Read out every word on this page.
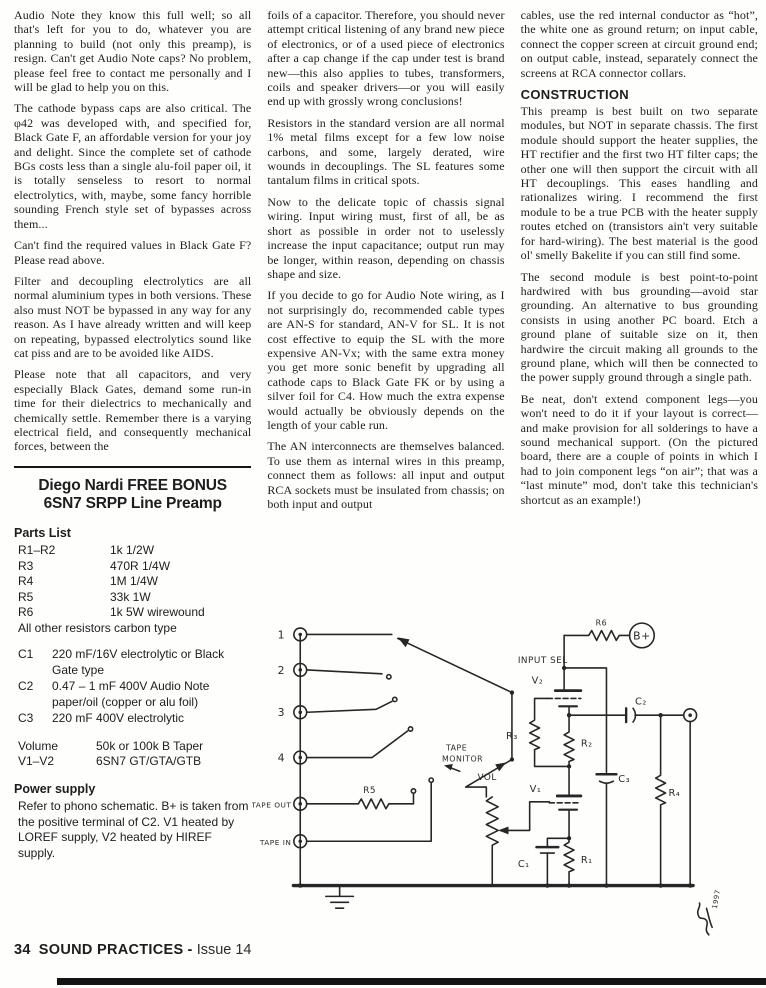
Audio Note they know this full well; so all that's left for you to do, whatever you are planning to build (not only this preamp), is resign. Can't get Audio Note caps? No problem, please feel free to contact me personally and I will be glad to help you on this.

The cathode bypass caps are also critical. The φ42 was developed with, and specified for, Black Gate F, an affordable version for your joy and delight. Since the complete set of cathode BGs costs less than a single alu-foil paper oil, it is totally senseless to resort to normal electrolytics, with, maybe, some fancy horrible sounding French style set of bypasses across them...

Can't find the required values in Black Gate F? Please read above.

Filter and decoupling electrolytics are all normal aluminium types in both versions. These also must NOT be bypassed in any way for any reason. As I have already written and will keep on repeating, bypassed electrolytics sound like cat piss and are to be avoided like AIDS.

Please note that all capacitors, and very especially Black Gates, demand some run-in time for their dielectrics to mechanically and chemically settle. Remember there is a varying electrical field, and consequently mechanical forces, between the

Diego Nardi FREE BONUS
6SN7 SRPP Line Preamp
Parts List
R1–R2	1k 1/2W
R3	470R 1/4W
R4	1M 1/4W
R5	33k 1W
R6	1k 5W wirewound
All other resistors carbon type
C1	220 mF/16V electrolytic or Black Gate type
C2	0.47 – 1 mF 400V Audio Note paper/oil (copper or alu foil)
C3	220 mF 400V electrolytic
Volume	50k or 100k B Taper
V1–V2	6SN7 GT/GTA/GTB
Power supply
Refer to phono schematic. B+ is taken from the positive terminal of C2. V1 heated by LOREF supply, V2 heated by HIREF supply.

foils of a capacitor. Therefore, you should never attempt critical listening of any brand new piece of electronics, or of a used piece of electronics after a cap change if the cap under test is brand new—this also applies to tubes, transformers, coils and speaker drivers—or you will easily end up with grossly wrong conclusions!

Resistors in the standard version are all normal 1% metal films except for a few low noise carbons, and some, largely derated, wire wounds in decouplings. The SL features some tantalum films in critical spots.

Now to the delicate topic of chassis signal wiring. Input wiring must, first of all, be as short as possible in order not to uselessly increase the input capacitance; output run may be longer, within reason, depending on chassis shape and size.

If you decide to go for Audio Note wiring, as I not surprisingly do, recommended cable types are AN-S for standard, AN-V for SL. It is not cost effective to equip the SL with the more expensive AN-Vx; with the same extra money you get more sonic benefit by upgrading all cathode caps to Black Gate FK or by using a silver foil for C4. How much the extra expense would actually be obviously depends on the length of your cable run.

The AN interconnects are themselves balanced. To use them as internal wires in this preamp, connect them as follows: all input and output RCA sockets must be insulated from chassis; on both input and output

cables, use the red internal conductor as “hot”, the white one as ground return; on input cable, connect the copper screen at circuit ground end; on output cable, instead, separately connect the screens at RCA connector collars.

CONSTRUCTION

This preamp is best built on two separate modules, but NOT in separate chassis. The first module should support the heater supplies, the HT rectifier and the first two HT filter caps; the other one will then support the circuit with all HT decouplings. This eases handling and rationalizes wiring. I recommend the first module to be a true PCB with the heater supply routes etched on (transistors ain't very suitable for hard-wiring). The best material is the good ol' smelly Bakelite if you can still find some.

The second module is best point-to-point hardwired with bus grounding—avoid star grounding. An alternative to bus grounding consists in using another PC board. Etch a ground plane of suitable size on it, then hardwire the circuit making all grounds to the ground plane, which will then be connected to the power supply ground through a single path.

Be neat, don't extend component legs—you won't need to do it if your layout is correct—and make provision for all solderings to have a sound mechanical support. (On the pictured board, there are a couple of points in which I had to join component legs “on air”; that was a “last minute” mod, don't take this technician's shortcut as an example!)

1
2
3
4
TAPE OUT
TAPE IN
INPUT SEL
TAPE
MONITOR
VOL
R5
R6
B+
V₂
V₁
R₃
R₂
R₁
C₁
C₂
C₃
R₄
1997
34 SOUND PRACTICES - Issue 14
